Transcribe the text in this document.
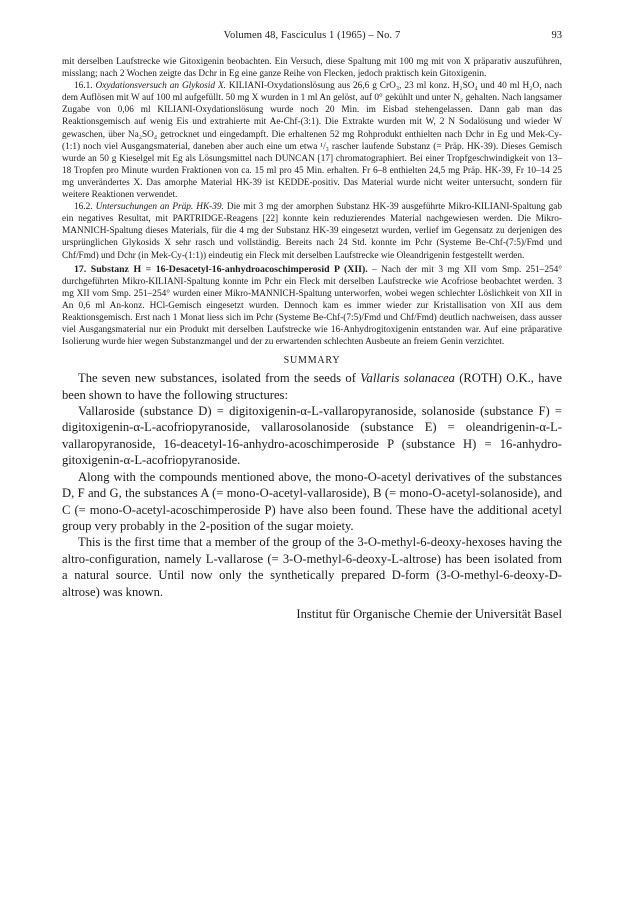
Volumen 48, Fasciculus 1 (1965) – No. 7	93

mit derselben Laufstrecke wie Gitoxigenin beobachten. Ein Versuch, diese Spaltung mit 100 mg mit von X präparativ auszuführen, misslang; nach 2 Wochen zeigte das Dchr in Eg eine ganze Reihe von Flecken, jedoch praktisch kein Gitoxigenin.

16.1. Oxydationsversuch an Glykosid X. KILIANI-Oxydationslösung aus 26,6 g CrO₃, 23 ml konz. H₂SO₄ und 40 ml H₂O, nach dem Auflösen mit W auf 100 ml aufgefüllt. 50 mg X wurden in 1 ml An gelöst, auf 0° gekühlt und unter N₂ gehalten. Nach langsamer Zugabe von 0,06 ml KILIANI-Oxydationslösung wurde noch 20 Min. im Eisbad stehengelassen. Dann gab man das Reaktionsgemisch auf wenig Eis und extrahierte mit Ae-Chf-(3:1). Die Extrakte wurden mit W, 2 N Sodalösung und wieder W gewaschen, über Na₂SO₄ getrocknet und eingedampft. Die erhaltenen 52 mg Rohprodukt enthielten nach Dchr in Eg und Mek-Cy-(1:1) noch viel Ausgangsmaterial, daneben aber auch eine um etwa ¹/₃ rascher laufende Substanz (= Präp. HK-39). Dieses Gemisch wurde an 50 g Kieselgel mit Eg als Lösungsmittel nach DUNCAN [17] chromatographiert. Bei einer Tropfgeschwindigkeit von 13–18 Tropfen pro Minute wurden Fraktionen von ca. 15 ml pro 45 Min. erhalten. Fr 6–8 enthielten 24,5 mg Präp. HK-39, Fr 10–14 25 mg unverändertes X. Das amorphe Material HK-39 ist KEDDE-positiv. Das Material wurde nicht weiter untersucht, sondern für weitere Reaktionen verwendet.

16.2. Untersuchungen an Präp. HK-39. Die mit 3 mg der amorphen Substanz HK-39 ausgeführte Mikro-KILIANI-Spaltung gab ein negatives Resultat, mit PARTRIDGE-Reagens [22] konnte kein reduzierendes Material nachgewiesen werden. Die Mikro-MANNICH-Spaltung dieses Materials, für die 4 mg der Substanz HK-39 eingesetzt wurden, verlief im Gegensatz zu derjenigen des ursprünglichen Glykosids X sehr rasch und vollständig. Bereits nach 24 Std. konnte im Pchr (Systeme Be-Chf-(7:5)/Fmd und Chf/Fmd) und Dchr (in Mek-Cy-(1:1)) eindeutig ein Fleck mit derselben Laufstrecke wie Oleandrigenin festgestellt werden.

17. Substanz H = 16-Desacetyl-16-anhydroacoschimperosid P (XII). – Nach der mit 3 mg XII vom Smp. 251–254° durchgeführten Mikro-KILIANI-Spaltung konnte im Pchr ein Fleck mit derselben Laufstrecke wie Acofriose beobachtet werden. 3 mg XII vom Smp. 251–254° wurden einer Mikro-MANNICH-Spaltung unterworfen, wobei wegen schlechter Löslichkeit von XII in An 0,6 ml An-konz. HCl-Gemisch eingesetzt wurden. Dennoch kam es immer wieder zur Kristallisation von XII aus dem Reaktionsgemisch. Erst nach 1 Monat liess sich im Pchr (Systeme Be-Chf-(7:5)/Fmd und Chf/Fmd) deutlich nachweisen, dass ausser viel Ausgangsmaterial nur ein Produkt mit derselben Laufstrecke wie 16-Anhydrogitoxigenin entstanden war. Auf eine präparative Isolierung wurde hier wegen Substanzmangel und der zu erwartenden schlechten Ausbeute an freiem Genin verzichtet.

SUMMARY

The seven new substances, isolated from the seeds of Vallaris solanacea (ROTH) O.K., have been shown to have the following structures:

Vallaroside (substance D) = digitoxigenin-α-L-vallaropyranoside, solanoside (substance F) = digitoxigenin-α-L-acofriopyranoside, vallarosolanoside (substance E) = oleandrigenin-α-L-vallaropyranoside, 16-deacetyl-16-anhydro-acoschimperoside P (substance H) = 16-anhydro-gitoxigenin-α-L-acofriopyranoside.

Along with the compounds mentioned above, the mono-O-acetyl derivatives of the substances D, F and G, the substances A (= mono-O-acetyl-vallaroside), B (= mono-O-acetyl-solanoside), and C (= mono-O-acetyl-acoschimperoside P) have also been found. These have the additional acetyl group very probably in the 2-position of the sugar moiety.

This is the first time that a member of the group of the 3-O-methyl-6-deoxy-hexoses having the altro-configuration, namely L-vallarose (= 3-O-methyl-6-deoxy-L-altrose) has been isolated from a natural source. Until now only the synthetically prepared D-form (3-O-methyl-6-deoxy-D-altrose) was known.

Institut für Organische Chemie der Universität Basel
